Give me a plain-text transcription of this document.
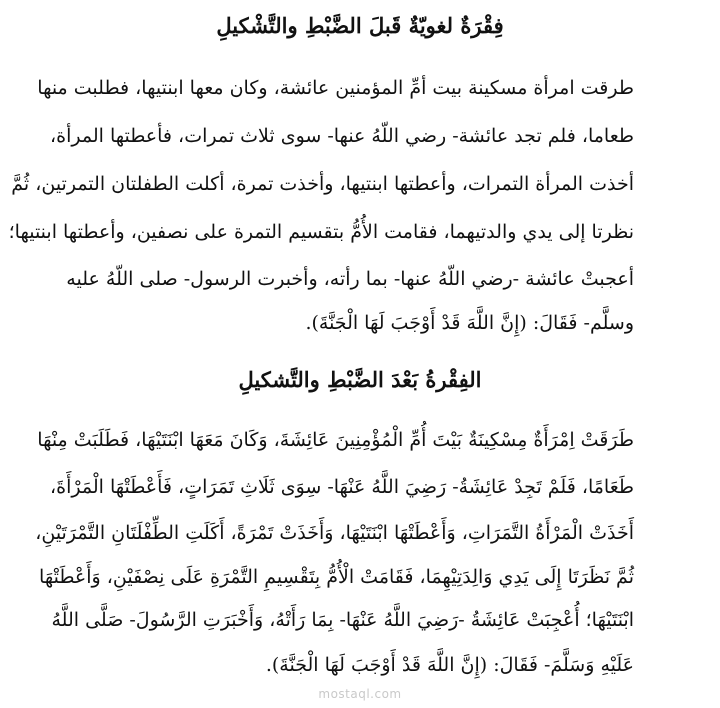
فِقْرَةٌ لغويّةٌ قَبلَ الضَّبْطِ والتَّشْكيلِ
طرقت امرأة مسكينة بيت أمِّ المؤمنين عائشة، وكان معها ابنتيها، فطلبت منها
طعاما، فلم تجد عائشة- رضي اللّهُ عنها- سوى ثلاث تمرات، فأعطتها المرأة،
أخذت المرأة التمرات، وأعطتها ابنتيها، وأخذت تمرة، أكلت الطفلتان التمرتين، ثُمَّ
نظرتا إلى يدي والدتيهما، فقامت الأُمُّ بتقسيم التمرة على نصفين، وأعطتها ابنتيها؛
أعجبتْ عائشة -رضي اللّهُ عنها- بما رأته، وأخبرت الرسول- صلى اللّهُ عليه
وسلَّم- فَقَالَ: (إِنَّ اللَّهَ قَدْ أَوْجَبَ لَهَا الْجَنَّةَ).
الفِقْرةُ بَعْدَ الضَّبْطِ والتَّشكيلِ
طَرَقَتْ اِمْرَأَةٌ مِسْكِينَةٌ بَيْتَ أُمِّ الْمُؤْمِنِينَ عَائِشَةَ، وَكَانَ مَعَهَا ابْنَتَيْهَا، فَطَلَبَتْ مِنْهَا
طَعَامًا، فَلَمْ تَجِدْ عَائِشَةُ- رَضِيَ اللَّهُ عَنْهَا- سِوَى ثَلَاثِ تَمَرَاتٍ، فَأَعْطَتْهَا الْمَرْأَةَ،
أَخَذَتْ الْمَرْأَةُ التَّمَرَاتِ، وَأَعْطَتْهَا ابْنَتَيْهَا، وَأَخَذَتْ تَمْرَةً، أَكَلَتِ الطِّفْلَتَانِ التَّمْرَتَيْنِ،
ثُمَّ نَظَرَتَا إِلَى يَدِي وَالِدَتِيْهِمَا، فَقَامَتْ الْأُمُّ بِتَقْسِيمِ التَّمْرَةِ عَلَى نِصْفَيْنِ، وَأَعْطَتْهَا
ابْنَتَيْهَا؛ أُعْجِبَتْ عَائِشَةُ -رَضِيَ اللَّهُ عَنْهَا- بِمَا رَأَتْهُ، وَأَخْبَرَتِ الرَّسُولَ- صَلَّى اللَّهُ
عَلَيْهِ وَسَلَّمَ- فَقَالَ: (إِنَّ اللَّهَ قَدْ أَوْجَبَ لَهَا الْجَنَّةَ).
mostaql.com
